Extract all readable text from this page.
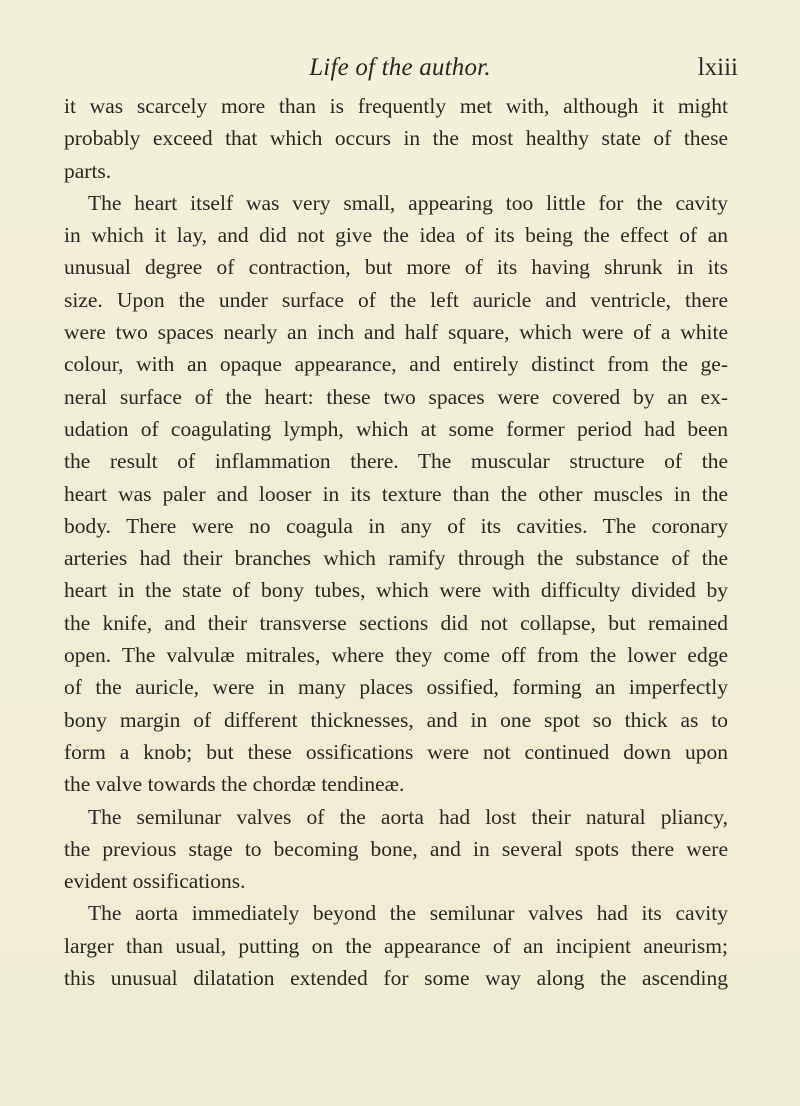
Life of the author.	lxiii
it was scarcely more than is frequently met with, although it might
probably exceed that which occurs in the most healthy state of these
parts.
The heart itself was very small, appearing too little for the cavity
in which it lay, and did not give the idea of its being the effect of an
unusual degree of contraction, but more of its having shrunk in its
size. Upon the under surface of the left auricle and ventricle, there
were two spaces nearly an inch and half square, which were of a white
colour, with an opaque appearance, and entirely distinct from the ge-
neral surface of the heart: these two spaces were covered by an ex-
udation of coagulating lymph, which at some former period had been
the result of inflammation there. The muscular structure of the
heart was paler and looser in its texture than the other muscles in the
body. There were no coagula in any of its cavities. The coronary
arteries had their branches which ramify through the substance of the
heart in the state of bony tubes, which were with difficulty divided by
the knife, and their transverse sections did not collapse, but remained
open. The valvulæ mitrales, where they come off from the lower edge
of the auricle, were in many places ossified, forming an imperfectly
bony margin of different thicknesses, and in one spot so thick as to
form a knob; but these ossifications were not continued down upon
the valve towards the chordæ tendineæ.
The semilunar valves of the aorta had lost their natural pliancy,
the previous stage to becoming bone, and in several spots there were
evident ossifications.
The aorta immediately beyond the semilunar valves had its cavity
larger than usual, putting on the appearance of an incipient aneurism;
this unusual dilatation extended for some way along the ascending
